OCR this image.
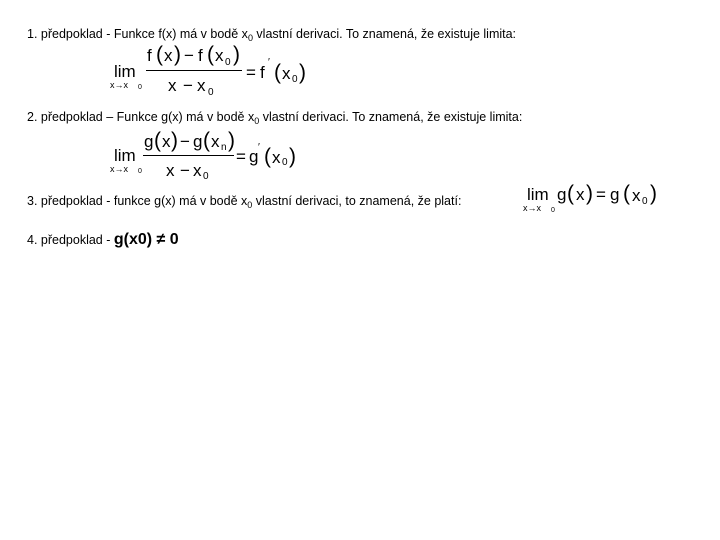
1. předpoklad - Funkce f(x) má v bodě $x_0$ vlastní derivaci. To znamená, že existuje limita:
lim
x→x 0
f ( x ) − f ( x 0 )
x − x 0
= f
′ ( x 0 )
2. předpoklad – Funkce g(x) má v bodě $x_0$ vlastní derivaci. To znamená, že existuje limita:
lim
x→x 0
g ( x ) − g ( x n )
x − x 0
= g ′ ( x 0 )
3. předpoklad - funkce g(x) má v bodě $x_0$ vlastní derivaci, to znamená, že platí:	lim
x→x 0
g ( x ) = g ( x 0 )
4. předpoklad - g(x0) ≠ 0
